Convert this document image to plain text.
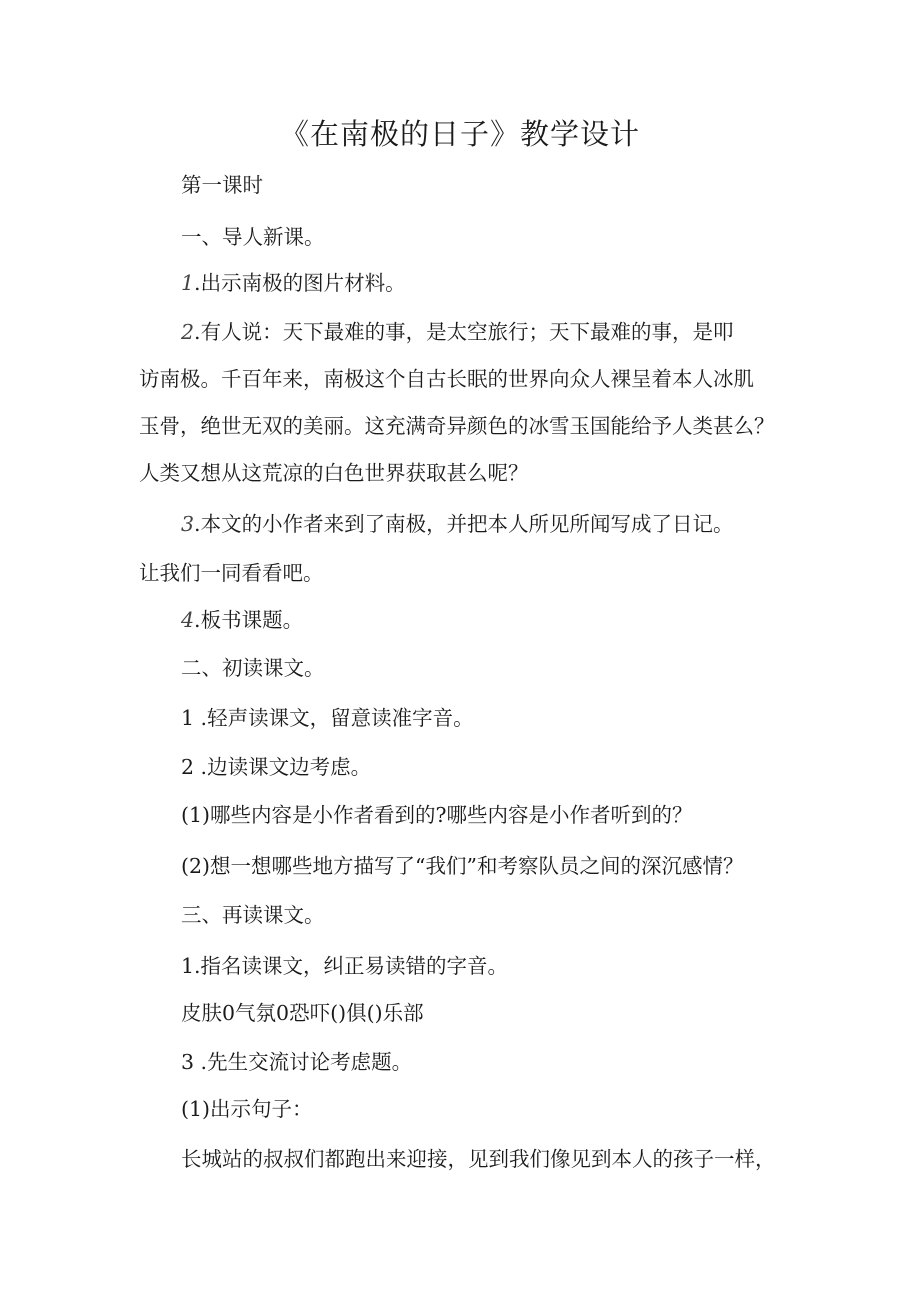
《在南极的日子》教学设计
第一课时
一、导人新课。
1.出示南极的图片材料。
2.有人说：天下最难的事，是太空旅行；天下最难的事，是叩
访南极。千百年来，南极这个自古长眠的世界向众人裸呈着本人冰肌
玉骨，绝世无双的美丽。这充满奇异颜色的冰雪玉国能给予人类甚么？
人类又想从这荒凉的白色世界获取甚么呢？
3.本文的小作者来到了南极，并把本人所见所闻写成了日记。
让我们一同看看吧。
4.板书课题。
二、初读课文。
1 .轻声读课文，留意读准字音。
2 .边读课文边考虑。
(1)哪些内容是小作者看到的?哪些内容是小作者听到的？
(2)想一想哪些地方描写了“我们”和考察队员之间的深沉感情？
三、再读课文。
1.指名读课文，纠正易读错的字音。
皮肤0气氛0恐吓()俱()乐部
3 .先生交流讨论考虑题。
(1)出示句子：
长城站的叔叔们都跑出来迎接，见到我们像见到本人的孩子一样，
